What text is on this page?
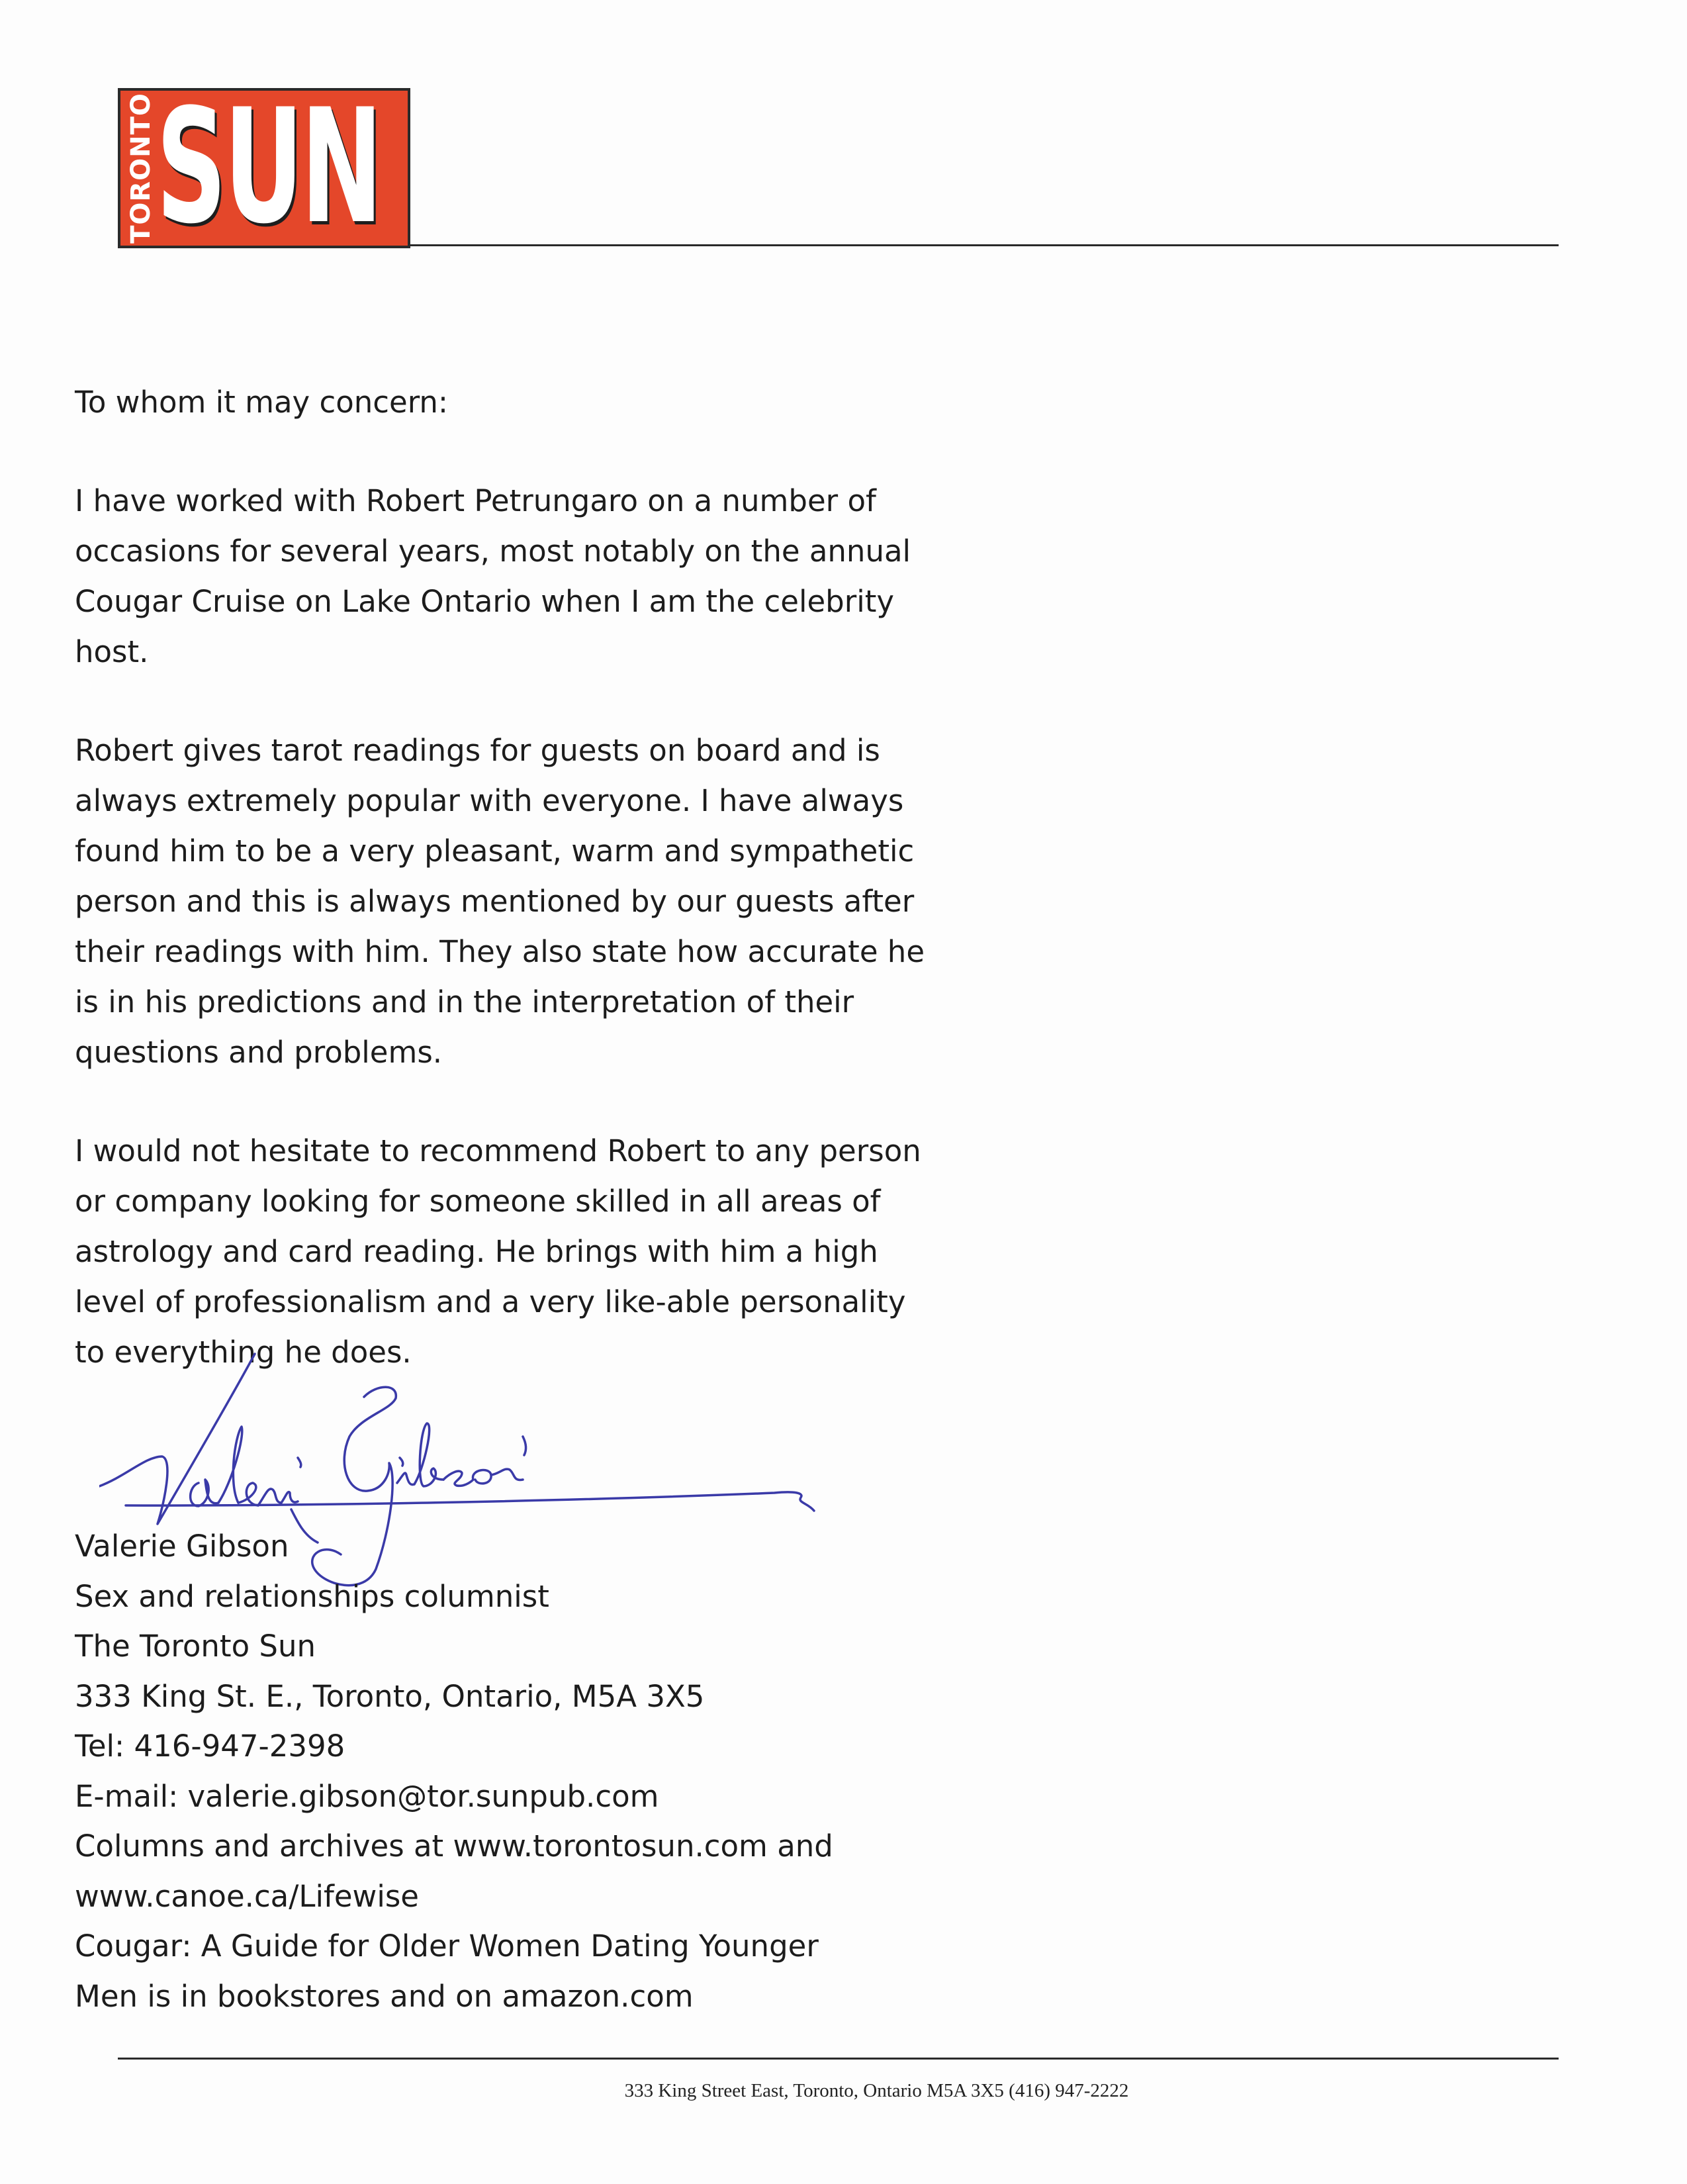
TORONTO SUN

To whom it may concern:

I have worked with Robert Petrungaro on a number of occasions for several years, most notably on the annual Cougar Cruise on Lake Ontario when I am the celebrity host.

Robert gives tarot readings for guests on board and is always extremely popular with everyone. I have always found him to be a very pleasant, warm and sympathetic person and this is always mentioned by our guests after their readings with him. They also state how accurate he is in his predictions and in the interpretation of their questions and problems.

I would not hesitate to recommend Robert to any person or company looking for someone skilled in all areas of astrology and card reading. He brings with him a high level of professionalism and a very like-able personality to everything he does.

Valerie Gibson
Sex and relationships columnist
The Toronto Sun
333 King St. E., Toronto, Ontario, M5A 3X5
Tel: 416-947-2398
E-mail: valerie.gibson@tor.sunpub.com
Columns and archives at www.torontosun.com and
www.canoe.ca/Lifewise
Cougar: A Guide for Older Women Dating Younger
Men is in bookstores and on amazon.com
333 King Street East, Toronto, Ontario M5A 3X5 (416) 947-2222
